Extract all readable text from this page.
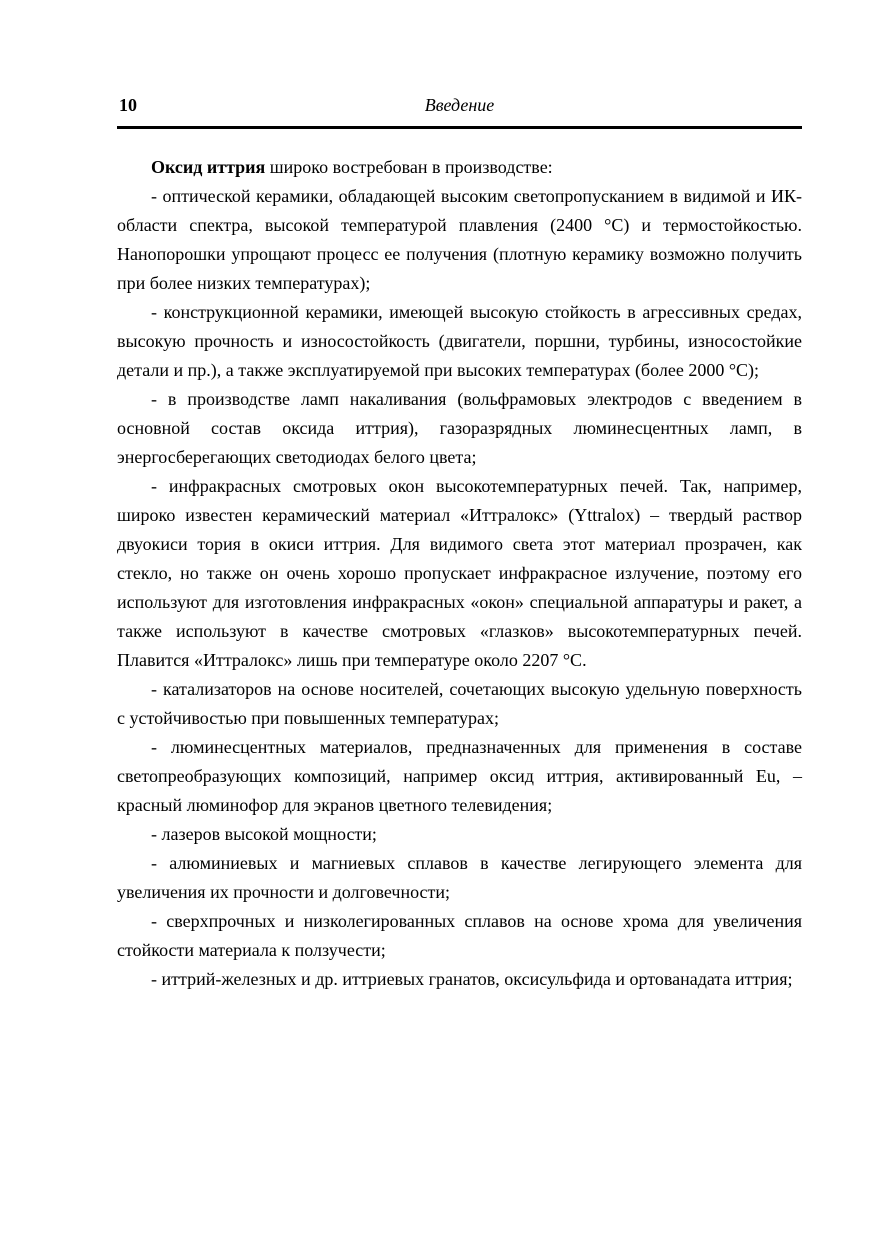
10	Введение

Оксид иттрия широко востребован в производстве:

- оптической керамики, обладающей высоким светопропусканием в видимой и ИК-области спектра, высокой температурой плавления (2400 °С) и термостойкостью. Нанопорошки упрощают процесс ее получения (плотную керамику возможно получить при более низких температурах);

- конструкционной керамики, имеющей высокую стойкость в агрессивных средах, высокую прочность и износостойкость (двигатели, поршни, турбины, износостойкие детали и пр.), а также эксплуатируемой при высоких температурах (более 2000 °С);

- в производстве ламп накаливания (вольфрамовых электродов с введением в основной состав оксида иттрия), газоразрядных люминесцентных ламп, в энергосберегающих светодиодах белого цвета;

- инфракрасных смотровых окон высокотемпературных печей. Так, например, широко известен керамический материал «Иттралокс» (Yttralox) – твердый раствор двуокиси тория в окиси иттрия. Для видимого света этот материал прозрачен, как стекло, но также он очень хорошо пропускает инфракрасное излучение, поэтому его используют для изготовления инфракрасных «окон» специальной аппаратуры и ракет, а также используют в качестве смотровых «глазков» высокотемпературных печей. Плавится «Иттралокс» лишь при температуре около 2207 °С.

- катализаторов на основе носителей, сочетающих высокую удельную поверхность с устойчивостью при повышенных температурах;

- люминесцентных материалов, предназначенных для применения в составе светопреобразующих композиций, например оксид иттрия, активированный Eu, – красный люминофор для экранов цветного телевидения;

- лазеров высокой мощности;

- алюминиевых и магниевых сплавов в качестве легирующего элемента для увеличения их прочности и долговечности;

- сверхпрочных и низколегированных сплавов на основе хрома для увеличения стойкости материала к ползучести;

- иттрий-железных и др. иттриевых гранатов, оксисульфида и ортованадата иттрия;
